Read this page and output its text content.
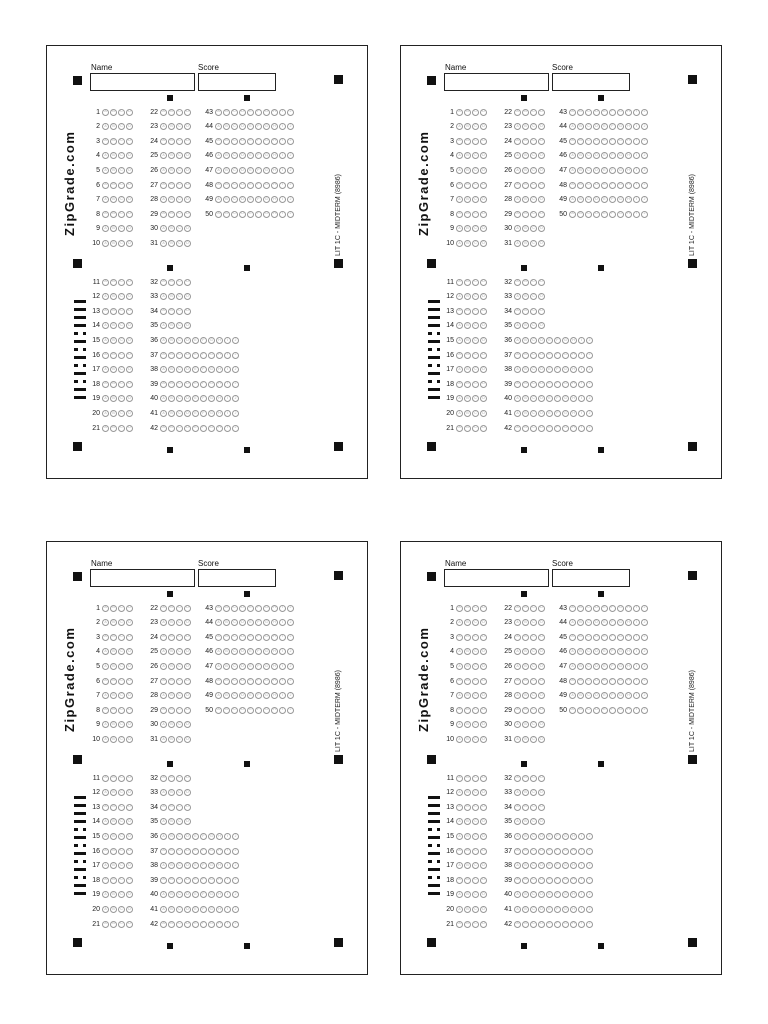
Name	Score
ZipGrade.com	LIT 1C - MIDTERM (8986)
1	A	B	C	D
2	A	B	C	D
3	A	B	C	D
4	A	B	C	D
5	A	B	C	D
6	A	B	C	D
7	A	B	C	D
8	A	B	C	D
9	A	B	C	D
10	A	B	C	D
22	A	B	C	D
23	A	B	C	D
24	A	B	C	D
25	A	B	C	D
26	A	B	C	D
27	A	B	C	D
28	A	B	C	D
29	A	B	C	D
30	A	B	C	D
31	A	B	C	D
43	A	B	C	D	E	F	G	H	I	J
44	A	B	C	D	E	F	G	H	I	J
45	A	B	C	D	E	F	G	H	I	J
46	A	B	C	D	E	F	G	H	I	J
47	A	B	C	D	E	F	G	H	I	J
48	A	B	C	D	E	F	G	H	I	J
49	A	B	C	D	E	F	G	H	I	J
50	A	B	C	D	E	F	G	H	I	J
11	A	B	C	D
12	A	B	C	D
13	A	B	C	D
14	A	B	C	D
15	A	B	C	D
16	A	B	C	D
17	A	B	C	D
18	A	B	C	D
19	A	B	C	D
20	A	B	C	D
21	A	B	C	D
32	A	B	C	D
33	A	B	C	D
34	A	B	C	D
35	A	B	C	D
36	A	B	C	D	E	F	G	H	I	J
37	A	B	C	D	E	F	G	H	I	J
38	A	B	C	D	E	F	G	H	I	J
39	A	B	C	D	E	F	G	H	I	J
40	A	B	C	D	E	F	G	H	I	J
41	A	B	C	D	E	F	G	H	I	J
42	A	B	C	D	E	F	G	H	I	J
Name	Score
ZipGrade.com	LIT 1C - MIDTERM (8986)
1	A	B	C	D
2	A	B	C	D
3	A	B	C	D
4	A	B	C	D
5	A	B	C	D
6	A	B	C	D
7	A	B	C	D
8	A	B	C	D
9	A	B	C	D
10	A	B	C	D
22	A	B	C	D
23	A	B	C	D
24	A	B	C	D
25	A	B	C	D
26	A	B	C	D
27	A	B	C	D
28	A	B	C	D
29	A	B	C	D
30	A	B	C	D
31	A	B	C	D
43	A	B	C	D	E	F	G	H	I	J
44	A	B	C	D	E	F	G	H	I	J
45	A	B	C	D	E	F	G	H	I	J
46	A	B	C	D	E	F	G	H	I	J
47	A	B	C	D	E	F	G	H	I	J
48	A	B	C	D	E	F	G	H	I	J
49	A	B	C	D	E	F	G	H	I	J
50	A	B	C	D	E	F	G	H	I	J
11	A	B	C	D
12	A	B	C	D
13	A	B	C	D
14	A	B	C	D
15	A	B	C	D
16	A	B	C	D
17	A	B	C	D
18	A	B	C	D
19	A	B	C	D
20	A	B	C	D
21	A	B	C	D
32	A	B	C	D
33	A	B	C	D
34	A	B	C	D
35	A	B	C	D
36	A	B	C	D	E	F	G	H	I	J
37	A	B	C	D	E	F	G	H	I	J
38	A	B	C	D	E	F	G	H	I	J
39	A	B	C	D	E	F	G	H	I	J
40	A	B	C	D	E	F	G	H	I	J
41	A	B	C	D	E	F	G	H	I	J
42	A	B	C	D	E	F	G	H	I	J
Name	Score
ZipGrade.com	LIT 1C - MIDTERM (8986)
1	A	B	C	D
2	A	B	C	D
3	A	B	C	D
4	A	B	C	D
5	A	B	C	D
6	A	B	C	D
7	A	B	C	D
8	A	B	C	D
9	A	B	C	D
10	A	B	C	D
22	A	B	C	D
23	A	B	C	D
24	A	B	C	D
25	A	B	C	D
26	A	B	C	D
27	A	B	C	D
28	A	B	C	D
29	A	B	C	D
30	A	B	C	D
31	A	B	C	D
43	A	B	C	D	E	F	G	H	I	J
44	A	B	C	D	E	F	G	H	I	J
45	A	B	C	D	E	F	G	H	I	J
46	A	B	C	D	E	F	G	H	I	J
47	A	B	C	D	E	F	G	H	I	J
48	A	B	C	D	E	F	G	H	I	J
49	A	B	C	D	E	F	G	H	I	J
50	A	B	C	D	E	F	G	H	I	J
11	A	B	C	D
12	A	B	C	D
13	A	B	C	D
14	A	B	C	D
15	A	B	C	D
16	A	B	C	D
17	A	B	C	D
18	A	B	C	D
19	A	B	C	D
20	A	B	C	D
21	A	B	C	D
32	A	B	C	D
33	A	B	C	D
34	A	B	C	D
35	A	B	C	D
36	A	B	C	D	E	F	G	H	I	J
37	A	B	C	D	E	F	G	H	I	J
38	A	B	C	D	E	F	G	H	I	J
39	A	B	C	D	E	F	G	H	I	J
40	A	B	C	D	E	F	G	H	I	J
41	A	B	C	D	E	F	G	H	I	J
42	A	B	C	D	E	F	G	H	I	J
Name	Score
ZipGrade.com	LIT 1C - MIDTERM (8986)
1	A	B	C	D
2	A	B	C	D
3	A	B	C	D
4	A	B	C	D
5	A	B	C	D
6	A	B	C	D
7	A	B	C	D
8	A	B	C	D
9	A	B	C	D
10	A	B	C	D
22	A	B	C	D
23	A	B	C	D
24	A	B	C	D
25	A	B	C	D
26	A	B	C	D
27	A	B	C	D
28	A	B	C	D
29	A	B	C	D
30	A	B	C	D
31	A	B	C	D
43	A	B	C	D	E	F	G	H	I	J
44	A	B	C	D	E	F	G	H	I	J
45	A	B	C	D	E	F	G	H	I	J
46	A	B	C	D	E	F	G	H	I	J
47	A	B	C	D	E	F	G	H	I	J
48	A	B	C	D	E	F	G	H	I	J
49	A	B	C	D	E	F	G	H	I	J
50	A	B	C	D	E	F	G	H	I	J
11	A	B	C	D
12	A	B	C	D
13	A	B	C	D
14	A	B	C	D
15	A	B	C	D
16	A	B	C	D
17	A	B	C	D
18	A	B	C	D
19	A	B	C	D
20	A	B	C	D
21	A	B	C	D
32	A	B	C	D
33	A	B	C	D
34	A	B	C	D
35	A	B	C	D
36	A	B	C	D	E	F	G	H	I	J
37	A	B	C	D	E	F	G	H	I	J
38	A	B	C	D	E	F	G	H	I	J
39	A	B	C	D	E	F	G	H	I	J
40	A	B	C	D	E	F	G	H	I	J
41	A	B	C	D	E	F	G	H	I	J
42	A	B	C	D	E	F	G	H	I	J
